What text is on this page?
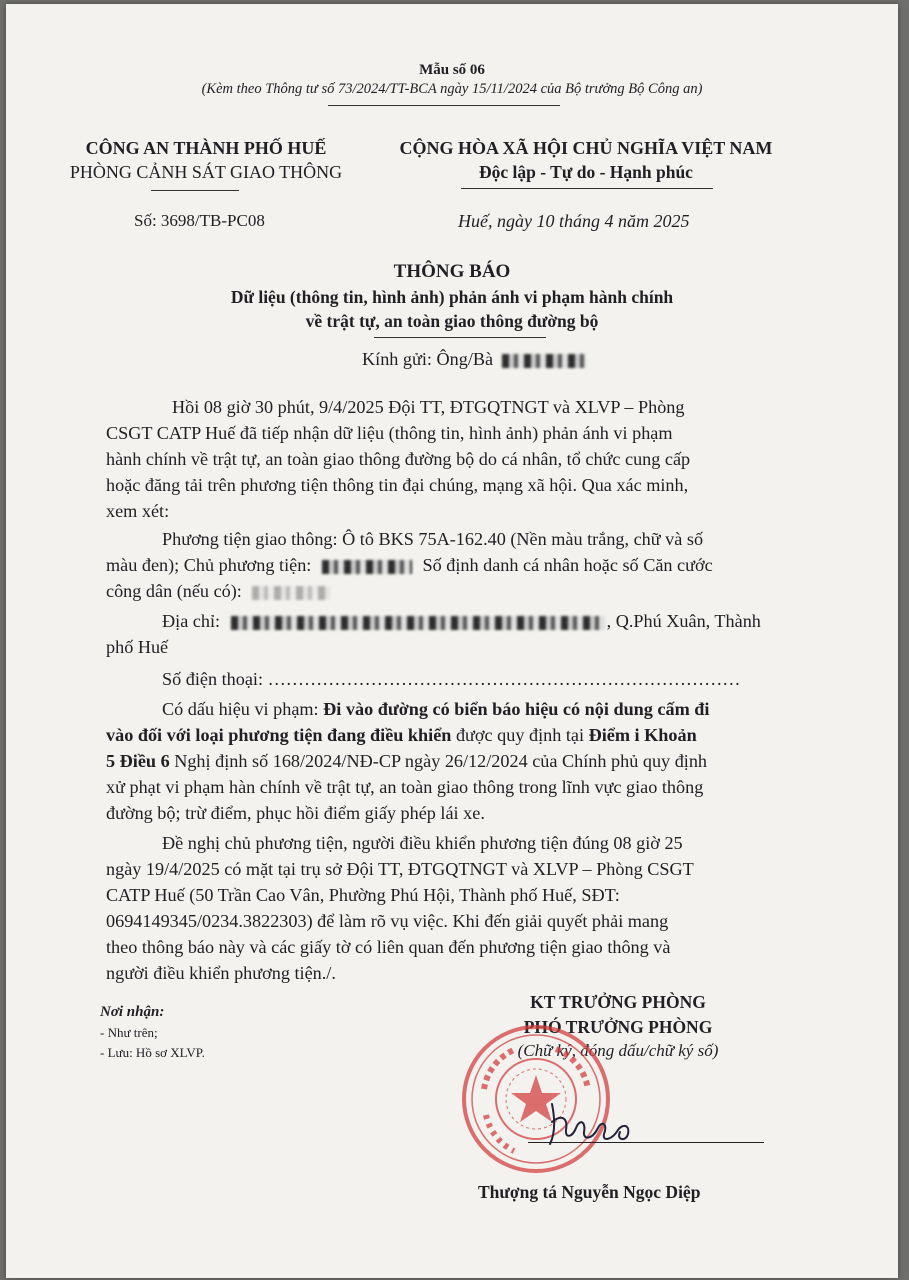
Mẫu số 06
(Kèm theo Thông tư số 73/2024/TT-BCA ngày 15/11/2024 của Bộ trưởng Bộ Công an)
CÔNG AN THÀNH PHỐ HUẾ
PHÒNG CẢNH SÁT GIAO THÔNG
Số: 3698/TB-PC08
CỘNG HÒA XÃ HỘI CHỦ NGHĨA VIỆT NAM
Độc lập - Tự do - Hạnh phúc
Huế, ngày 10 tháng 4 năm 2025
THÔNG BÁO
Dữ liệu (thông tin, hình ảnh) phản ánh vi phạm hành chính
về trật tự, an toàn giao thông đường bộ
Kính gửi: Ông/Bà
Hồi 08 giờ 30 phút, 9/4/2025 Đội TT, ĐTGQTNGT và XLVP – Phòng
CSGT CATP Huế đã tiếp nhận dữ liệu (thông tin, hình ảnh) phản ánh vi phạm
hành chính về trật tự, an toàn giao thông đường bộ do cá nhân, tổ chức cung cấp
hoặc đăng tải trên phương tiện thông tin đại chúng, mạng xã hội. Qua xác minh,
xem xét:
Phương tiện giao thông: Ô tô BKS 75A-162.40 (Nền màu trắng, chữ và số
màu đen); Chủ phương tiện:	Số định danh cá nhân hoặc số Căn cước
công dân (nếu có):
Địa chỉ:	, Q.Phú Xuân, Thành
phố Huế
Số điện thoại: ……………………………………………………………………
Có dấu hiệu vi phạm: Đi vào đường có biển báo hiệu có nội dung cấm đi
vào đối với loại phương tiện đang điều khiển được quy định tại Điểm i Khoản
5 Điều 6 Nghị định số 168/2024/NĐ-CP ngày 26/12/2024 của Chính phủ quy định
xử phạt vi phạm hàn chính về trật tự, an toàn giao thông trong lĩnh vực giao thông
đường bộ; trừ điểm, phục hồi điểm giấy phép lái xe.
Đề nghị chủ phương tiện, người điều khiển phương tiện đúng 08 giờ 25
ngày 19/4/2025 có mặt tại trụ sở Đội TT, ĐTGQTNGT và XLVP – Phòng CSGT
CATP Huế (50 Trần Cao Vân, Phường Phú Hội, Thành phố Huế, SĐT:
0694149345/0234.3822303) để làm rõ vụ việc. Khi đến giải quyết phải mang
theo thông báo này và các giấy tờ có liên quan đến phương tiện giao thông và
người điều khiển phương tiện./.
Nơi nhận:
- Như trên;
- Lưu: Hồ sơ XLVP.
KT TRƯỞNG PHÒNG
PHÓ TRƯỞNG PHÒNG
(Chữ ký, đóng dấu/chữ ký số)
Thượng tá Nguyễn Ngọc Diệp
